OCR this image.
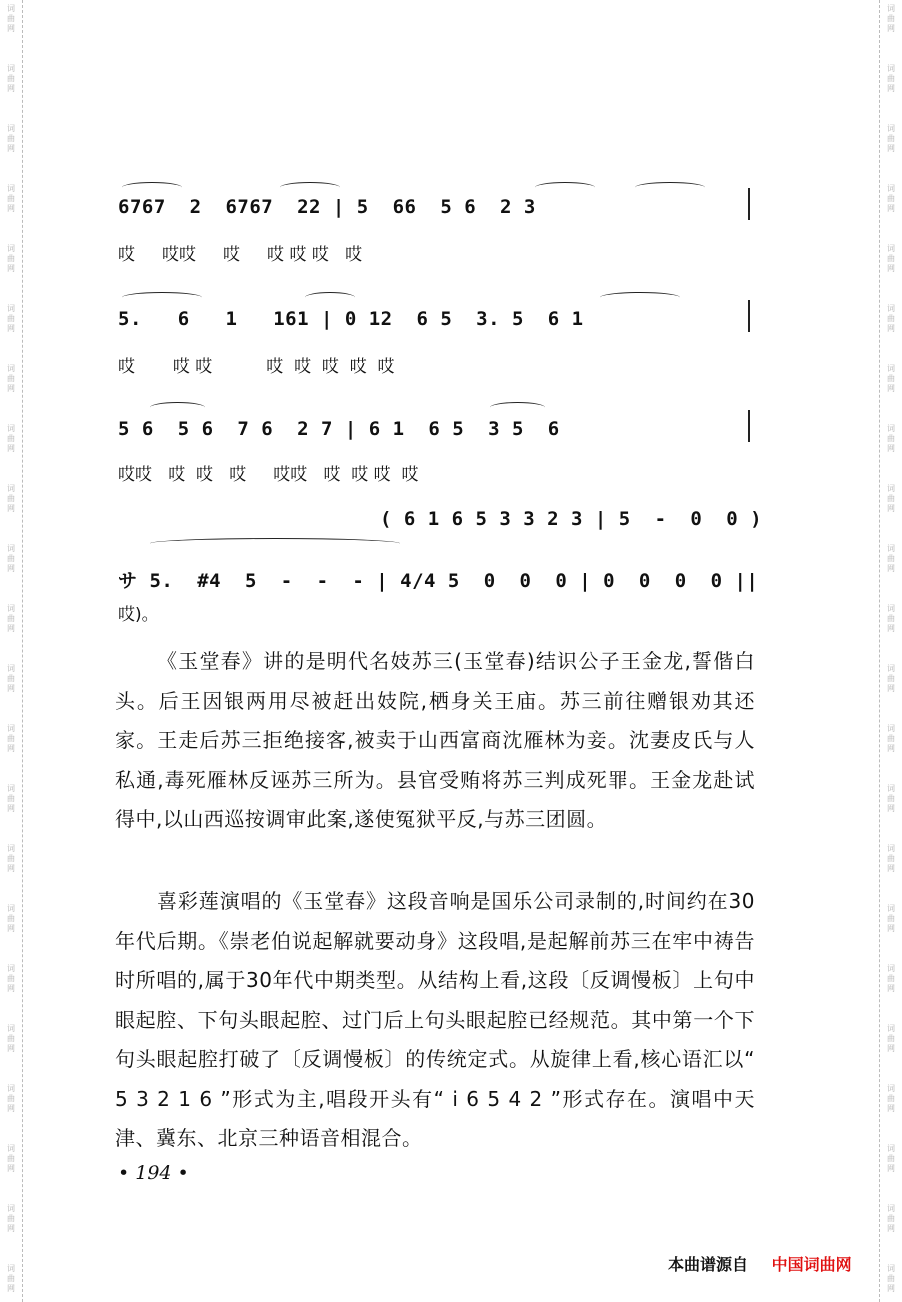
词
曲
网
词
曲
网
词
曲
网
词
曲
网
词
曲
网
词
曲
网
词
曲
网
词
曲
网
词
曲
网
词
曲
网
词
曲
网
词
曲
网
词
曲
网
词
曲
网
词
曲
网
词
曲
网
词
曲
网
词
曲
网
词
曲
网
词
曲
网
词
曲
网
词
曲
网
词
曲
网
词
曲
网
词
曲
网
词
曲
网
词
曲
网
词
曲
网
词
曲
网
词
曲
网
词
曲
网
词
曲
网
词
曲
网
词
曲
网
词
曲
网
词
曲
网
词
曲
网
词
曲
网
词
曲
网
词
曲
网
词
曲
网
词
曲
网
词
曲
网
词
曲
网
6767  2  6767  22 | 5  66  5 6  2 3
哎     哎哎     哎     哎 哎 哎   哎
5.   6   1   161 | 0 12  6 5  3. 5  6 1
哎       哎 哎          哎  哎  哎  哎  哎
5 6  5 6  7 6  2 7 | 6 1  6 5  3 5  6
哎哎   哎  哎   哎     哎哎   哎  哎 哎  哎
( 6 1 6 5 3 3 2 3 | 5  -  0  0 )
サ 5.  #4  5  -  -  - | 4/4 5  0  0  0 | 0  0  0  0 ||
哎)。
《玉堂春》讲的是明代名妓苏三(玉堂春)结识公子王金龙,誓偕白头。后王因银两用尽被赶出妓院,栖身关王庙。苏三前往赠银劝其还家。王走后苏三拒绝接客,被卖于山西富商沈雁林为妾。沈妻皮氏与人私通,毒死雁林反诬苏三所为。县官受贿将苏三判成死罪。王金龙赴试得中,以山西巡按调审此案,遂使冤狱平反,与苏三团圆。
喜彩莲演唱的《玉堂春》这段音响是国乐公司录制的,时间约在30年代后期。《崇老伯说起解就要动身》这段唱,是起解前苏三在牢中祷告时所唱的,属于30年代中期类型。从结构上看,这段〔反调慢板〕上句中眼起腔、下句头眼起腔、过门后上句头眼起腔已经规范。其中第一个下句头眼起腔打破了〔反调慢板〕的传统定式。从旋律上看,核心语汇以“ 5 3 2 1 6 ”形式为主,唱段开头有“ i 6 5 4 2 ”形式存在。演唱中天津、冀东、北京三种语音相混合。
• 194 •
本曲谱源自 中国词曲网
